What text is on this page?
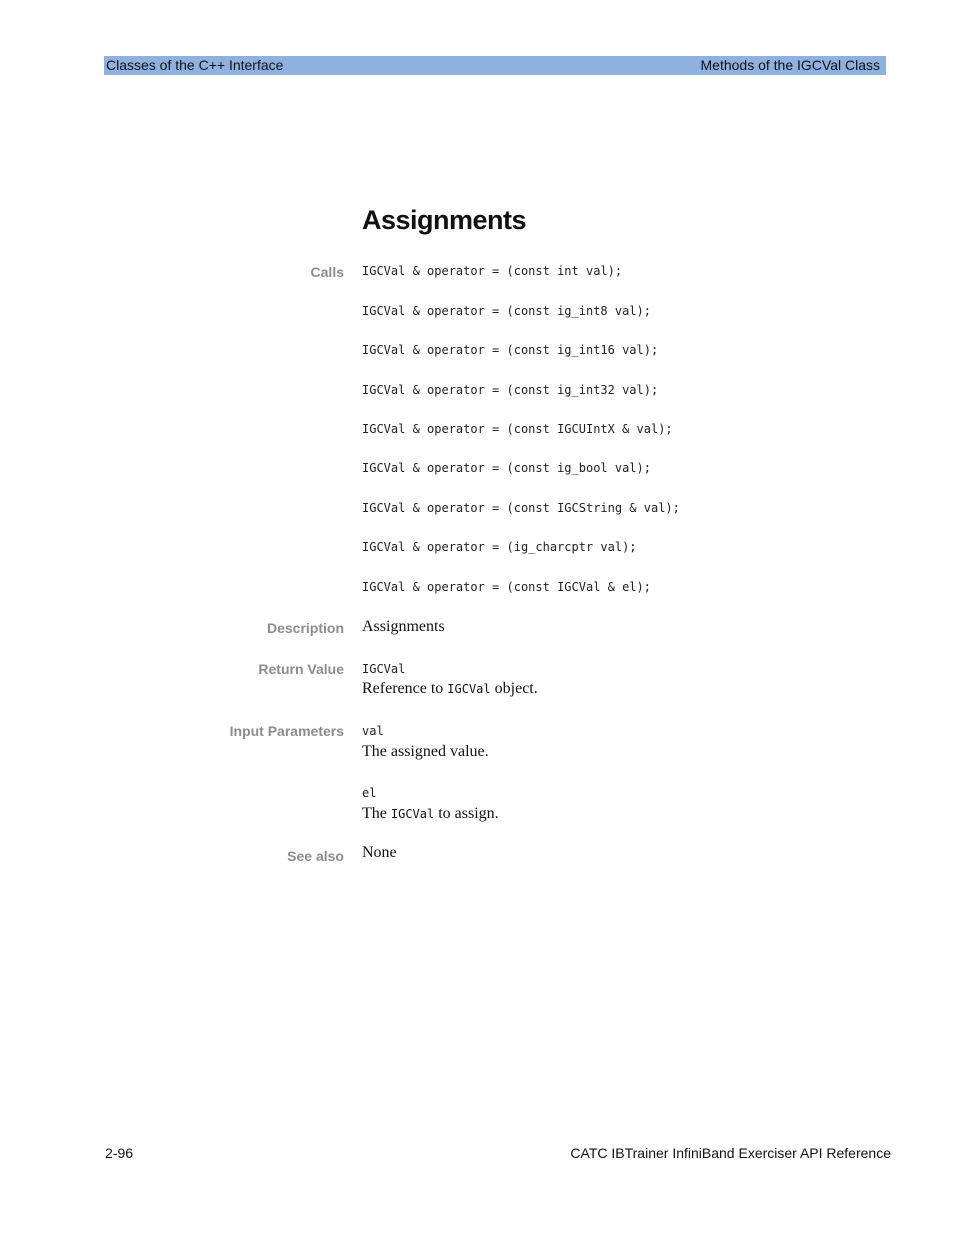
Classes of the C++ Interface	Methods of the IGCVal Class
Assignments
Calls IGCVal & operator = (const int val);
IGCVal & operator = (const ig_int8 val);
IGCVal & operator = (const ig_int16 val);
IGCVal & operator = (const ig_int32 val);
IGCVal & operator = (const IGCUIntX & val);
IGCVal & operator = (const ig_bool val);
IGCVal & operator = (const IGCString & val);
IGCVal & operator = (ig_charcptr val);
IGCVal & operator = (const IGCVal & el);
Description Assignments
Return Value IGCVal
Reference to IGCVal object.
Input Parameters val
The assigned value.
el
The IGCVal to assign.
See also None
2-96	CATC IBTrainer InfiniBand Exerciser API Reference
